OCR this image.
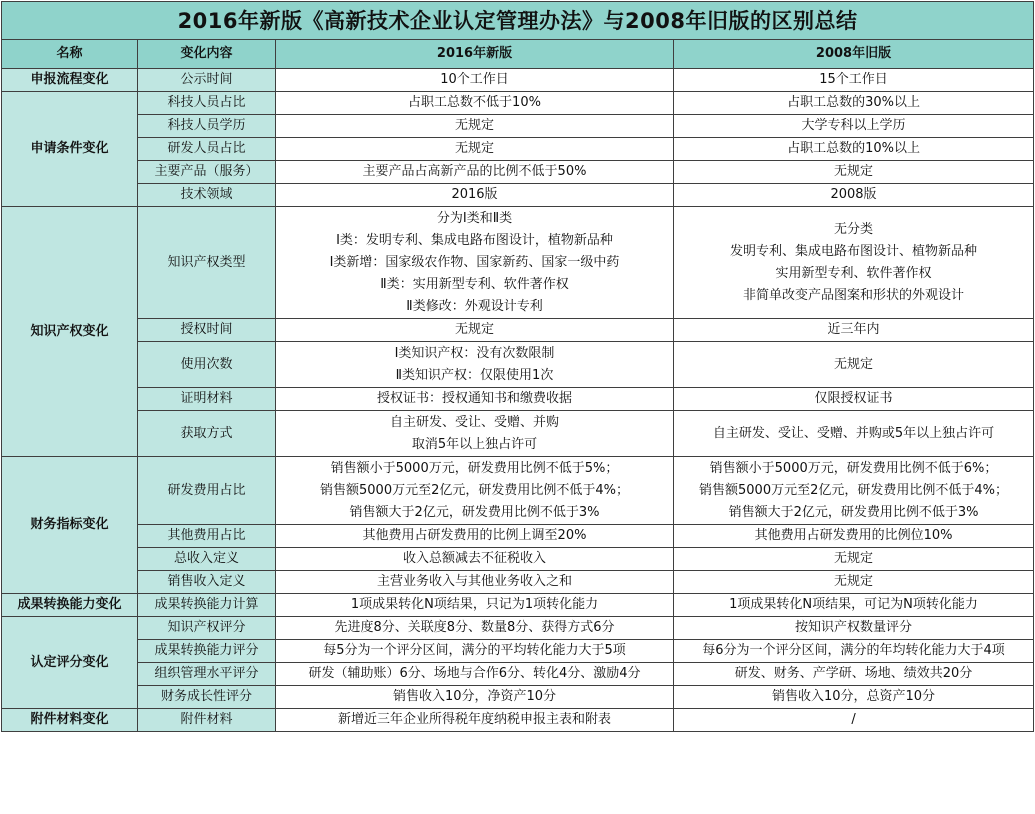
2016年新版《高新技术企业认定管理办法》与2008年旧版的区别总结			
名称	变化内容	2016年新版	2008年旧版
申报流程变化	公示时间	10个工作日	15个工作日

申请条件变化	科技人员占比	占职工总数不低于10%	占职工总数的30%以上

	科技人员学历	无规定	大学专科以上学历

	研发人员占比	无规定	占职工总数的10%以上

	主要产品（服务）	主要产品占高新产品的比例不低于50%	无规定

	技术领域	2016版	2008版

知识产权变化	知识产权类型	分为Ⅰ类和Ⅱ类
Ⅰ类：发明专利、集成电路布图设计，植物新品种
Ⅰ类新增：国家级农作物、国家新药、国家一级中药
Ⅱ类：实用新型专利、软件著作权
Ⅱ类修改：外观设计专利	无分类
发明专利、集成电路布图设计、植物新品种
实用新型专利、软件著作权
非简单改变产品图案和形状的外观设计

	授权时间	无规定	近三年内

	使用次数	Ⅰ类知识产权：没有次数限制
Ⅱ类知识产权：仅限使用1次	无规定

	证明材料	授权证书：授权通知书和缴费收据	仅限授权证书

	获取方式	自主研发、受让、受赠、并购
取消5年以上独占许可	自主研发、受让、受赠、并购或5年以上独占许可

财务指标变化	研发费用占比	销售额小于5000万元，研发费用比例不低于5%；
销售额5000万元至2亿元，研发费用比例不低于4%；
销售额大于2亿元，研发费用比例不低于3%	销售额小于5000万元，研发费用比例不低于6%；
销售额5000万元至2亿元，研发费用比例不低于4%；
销售额大于2亿元，研发费用比例不低于3%

	其他费用占比	其他费用占研发费用的比例上调至20%	其他费用占研发费用的比例位10%

	总收入定义	收入总额减去不征税收入	无规定

	销售收入定义	主营业务收入与其他业务收入之和	无规定

成果转换能力变化	成果转换能力计算	1项成果转化N项结果，只记为1项转化能力	1项成果转化N项结果，可记为N项转化能力

认定评分变化	知识产权评分	先进度8分、关联度8分、数量8分、获得方式6分	按知识产权数量评分

	成果转换能力评分	每5分为一个评分区间，满分的平均转化能力大于5项	每6分为一个评分区间，满分的年均转化能力大于4项

	组织管理水平评分	研发（辅助账）6分、场地与合作6分、转化4分、激励4分	研发、财务、产学研、场地、绩效共20分

	财务成长性评分	销售收入10分，净资产10分	销售收入10分，总资产10分

附件材料变化	附件材料	新增近三年企业所得税年度纳税申报主表和附表	/
